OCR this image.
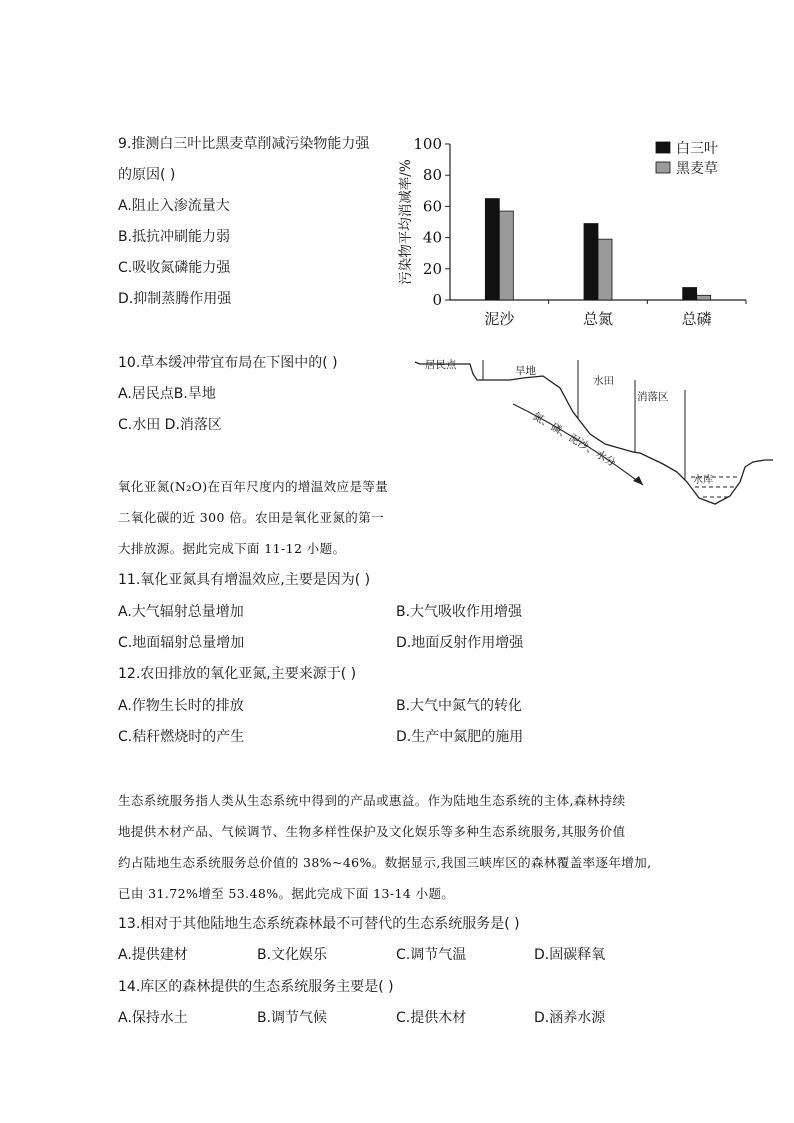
9.推测白三叶比黑麦草削减污染物能力强
的原因( )
A.阻止入渗流量大
B.抵抗冲刷能力弱
C.吸收氮磷能力强
D.抑制蒸腾作用强	0
20
40
60
80
100
污染物平均消减率/%
泥沙	总氮	总磷
白三叶
黑麦草
10.草本缓冲带宜布局在下图中的( )
A.居民点B.旱地
C.水田 D.消落区
居民点	旱地
水田
消落区
水库
氮、磷、泥沙、水分
氧化亚氮(N₂O)在百年尺度内的增温效应是等量
二氧化碳的近 300 倍。农田是氧化亚氮的第一
大排放源。据此完成下面 11-12 小题。
11.氧化亚氮具有增温效应,主要是因为( )
A.大气辐射总量增加	B.大气吸收作用增强
C.地面辐射总量增加	D.地面反射作用增强
12.农田排放的氧化亚氮,主要来源于( )
A.作物生长时的排放	B.大气中氮气的转化
C.秸秆燃烧时的产生	D.生产中氮肥的施用
生态系统服务指人类从生态系统中得到的产品或惠益。作为陆地生态系统的主体,森林持续
地提供木材产品、气候调节、生物多样性保护及文化娱乐等多种生态系统服务,其服务价值
约占陆地生态系统服务总价值的 38%~46%。数据显示,我国三峡库区的森林覆盖率逐年增加,
已由 31.72%增至 53.48%。据此完成下面 13-14 小题。
13.相对于其他陆地生态系统森林最不可替代的生态系统服务是( )
A.提供建材	B.文化娱乐	C.调节气温	D.固碳释氧
14.库区的森林提供的生态系统服务主要是( )
A.保持水土	B.调节气候	C.提供木材	D.涵养水源
